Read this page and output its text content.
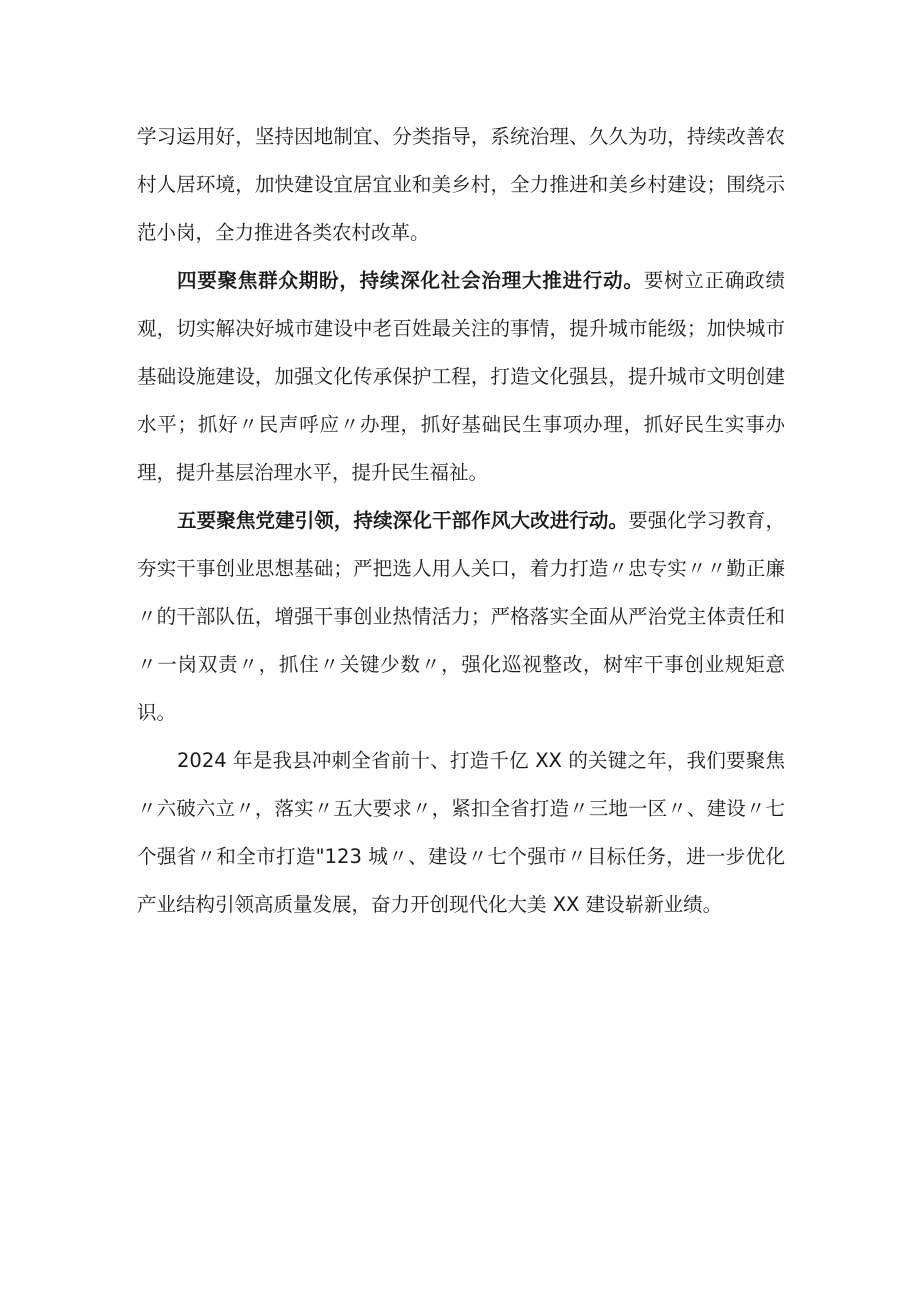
学习运用好，坚持因地制宜、分类指导，系统治理、久久为功，持续改善农村人居环境，加快建设宜居宜业和美乡村，全力推进和美乡村建设；围绕示范小岗，全力推进各类农村改革。

四要聚焦群众期盼，持续深化社会治理大推进行动。要树立正确政绩观，切实解决好城市建设中老百姓最关注的事情，提升城市能级；加快城市基础设施建设，加强文化传承保护工程，打造文化强县，提升城市文明创建水平；抓好〃民声呼应〃办理，抓好基础民生事项办理，抓好民生实事办理，提升基层治理水平，提升民生福祉。

五要聚焦党建引领，持续深化干部作风大改进行动。要强化学习教育，夯实干事创业思想基础；严把选人用人关口，着力打造〃忠专实〃〃勤正廉〃的干部队伍，增强干事创业热情活力；严格落实全面从严治党主体责任和〃一岗双责〃，抓住〃关键少数〃，强化巡视整改，树牢干事创业规矩意识。

2024 年是我县冲刺全省前十、打造千亿 XX 的关键之年，我们要聚焦〃六破六立〃，落实〃五大要求〃，紧扣全省打造〃三地一区〃、建设〃七个强省〃和全市打造"123 城〃、建设〃七个强市〃目标任务，进一步优化产业结构引领高质量发展，奋力开创现代化大美 XX 建设崭新业绩。
